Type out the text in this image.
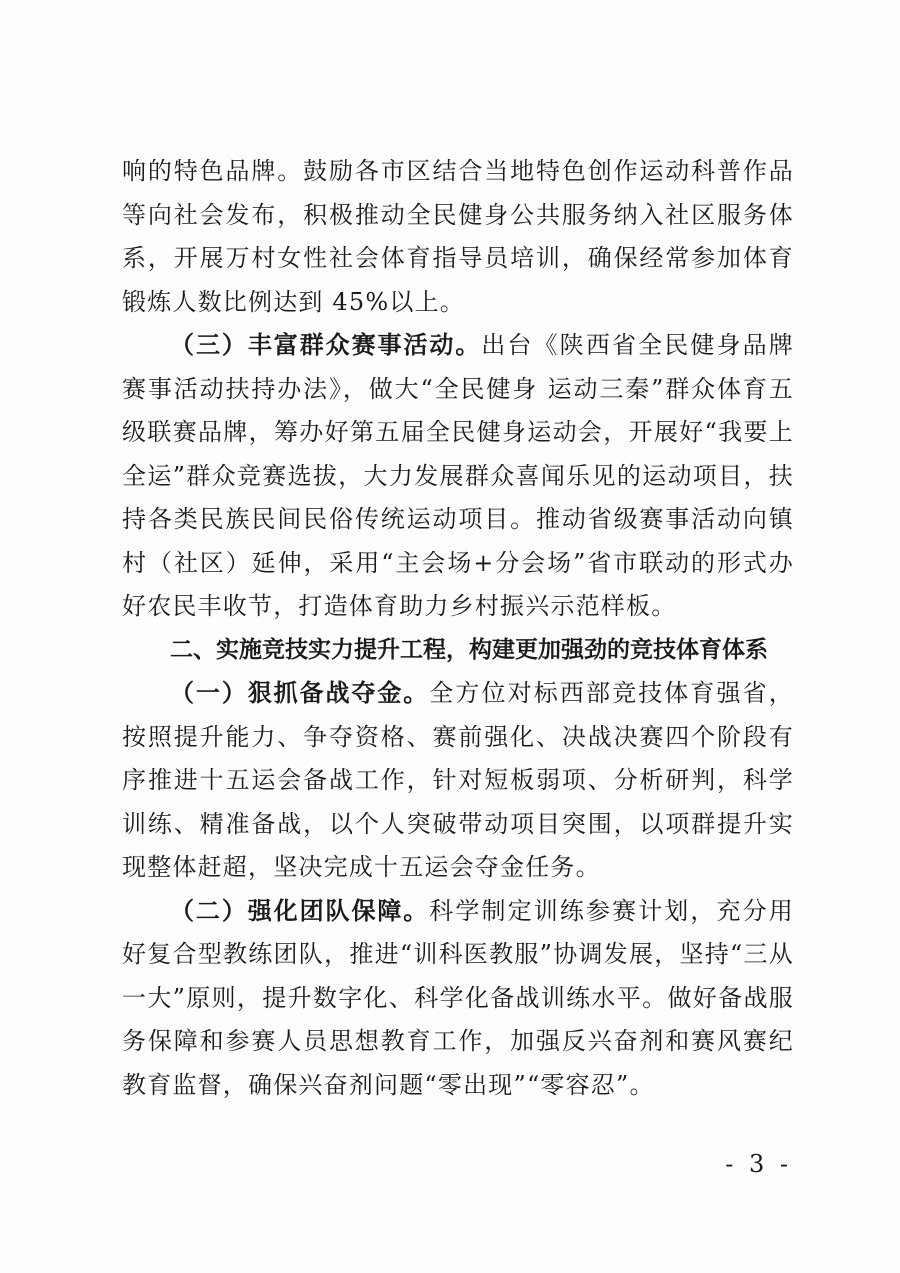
响的特色品牌。鼓励各市区结合当地特色创作运动科普作品等向社会发布，积极推动全民健身公共服务纳入社区服务体系，开展万村女性社会体育指导员培训，确保经常参加体育锻炼人数比例达到 45%以上。

（三）丰富群众赛事活动。出台《陕西省全民健身品牌赛事活动扶持办法》，做大“全民健身 运动三秦”群众体育五级联赛品牌，筹办好第五届全民健身运动会，开展好“我要上全运”群众竞赛选拔，大力发展群众喜闻乐见的运动项目，扶持各类民族民间民俗传统运动项目。推动省级赛事活动向镇村（社区）延伸，采用“主会场+分会场”省市联动的形式办好农民丰收节，打造体育助力乡村振兴示范样板。

二、实施竞技实力提升工程，构建更加强劲的竞技体育体系

（一）狠抓备战夺金。全方位对标西部竞技体育强省，按照提升能力、争夺资格、赛前强化、决战决赛四个阶段有序推进十五运会备战工作，针对短板弱项、分析研判，科学训练、精准备战，以个人突破带动项目突围，以项群提升实现整体赶超，坚决完成十五运会夺金任务。

（二）强化团队保障。科学制定训练参赛计划，充分用好复合型教练团队，推进“训科医教服”协调发展，坚持“三从一大”原则，提升数字化、科学化备战训练水平。做好备战服务保障和参赛人员思想教育工作，加强反兴奋剂和赛风赛纪教育监督，确保兴奋剂问题“零出现”“零容忍”。

- 3 -
